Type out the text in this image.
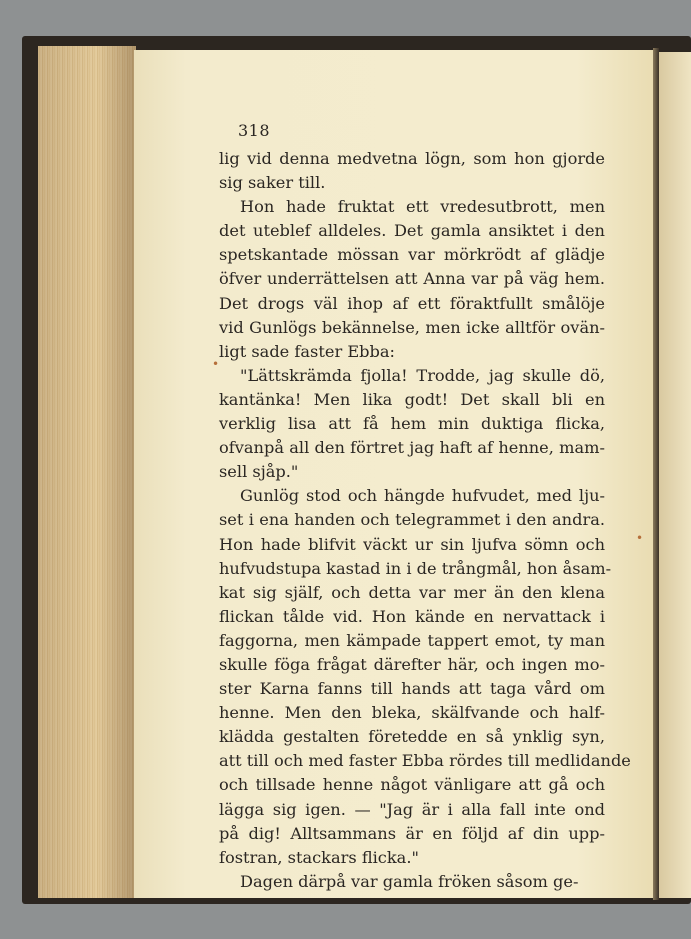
318
lig vid denna medvetna lögn, som hon gjorde
sig saker till.
Hon hade fruktat ett vredesutbrott, men
det uteblef alldeles. Det gamla ansiktet i den
spetskantade mössan var mörkrödt af glädje
öfver underrättelsen att Anna var på väg hem.
Det drogs väl ihop af ett föraktfullt smålöje
vid Gunlögs bekännelse, men icke alltför ovän-
ligt sade faster Ebba:
"Lättskrämda fjolla! Trodde, jag skulle dö,
kantänka! Men lika godt! Det skall bli en
verklig lisa att få hem min duktiga flicka,
ofvanpå all den förtret jag haft af henne, mam-
sell sjåp."
Gunlög stod och hängde hufvudet, med lju-
set i ena handen och telegrammet i den andra.
Hon hade blifvit väckt ur sin ljufva sömn och
hufvudstupa kastad in i de trångmål, hon åsam-
kat sig själf, och detta var mer än den klena
flickan tålde vid. Hon kände en nervattack i
faggorna, men kämpade tappert emot, ty man
skulle föga frågat därefter här, och ingen mo-
ster Karna fanns till hands att taga vård om
henne. Men den bleka, skälfvande och half-
klädda gestalten företedde en så ynklig syn,
att till och med faster Ebba rördes till medlidande
och tillsade henne något vänligare att gå och
lägga sig igen. — "Jag är i alla fall inte ond
på dig! Alltsammans är en följd af din upp-
fostran, stackars flicka."
Dagen därpå var gamla fröken såsom ge-
•
•
